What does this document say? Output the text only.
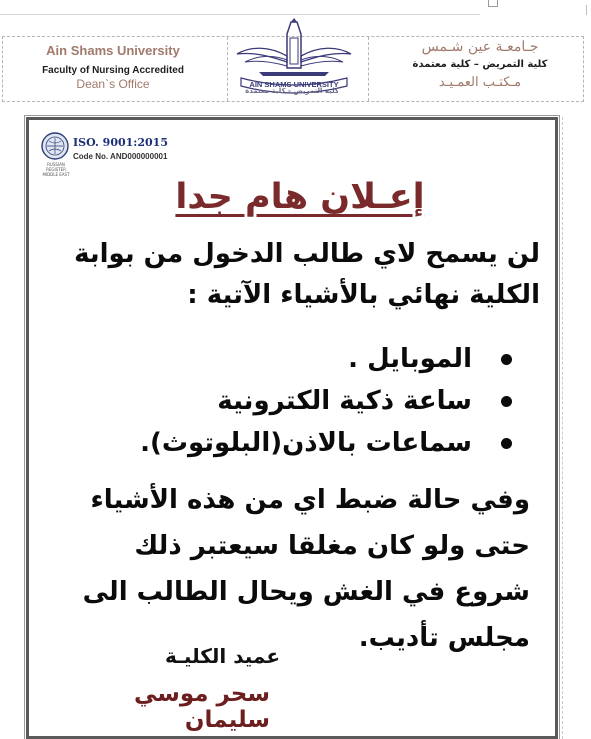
Ain Shams University
Faculty of Nursing Accredited
Dean`s Office
جـامعـة عين شـمس
كلية التمريض – كلية معتمدة
مـكتـب العمـيـد
AIN SHAMS UNIVERSITY
كلية التمريض - كلية معتمدة
ISO. 9001:2015
Code No. AND000000001
RUSSIAN REGISTER MIDDLE EAST
إعـلان هام جدا
لن يسمح لاي طالب الدخول من بوابة الكلية نهائي بالأشياء الآتية :
الموبايل .
ساعة ذكية الكترونية
سماعات بالاذن(البلوتوث).
وفي حالة ضبط اي من هذه الأشياء حتى ولو كان مغلقا سيعتبر ذلك شروع في الغش ويحال الطالب الى مجلس تأديب.
عميد الكليـة
سحر موسي سليمان
